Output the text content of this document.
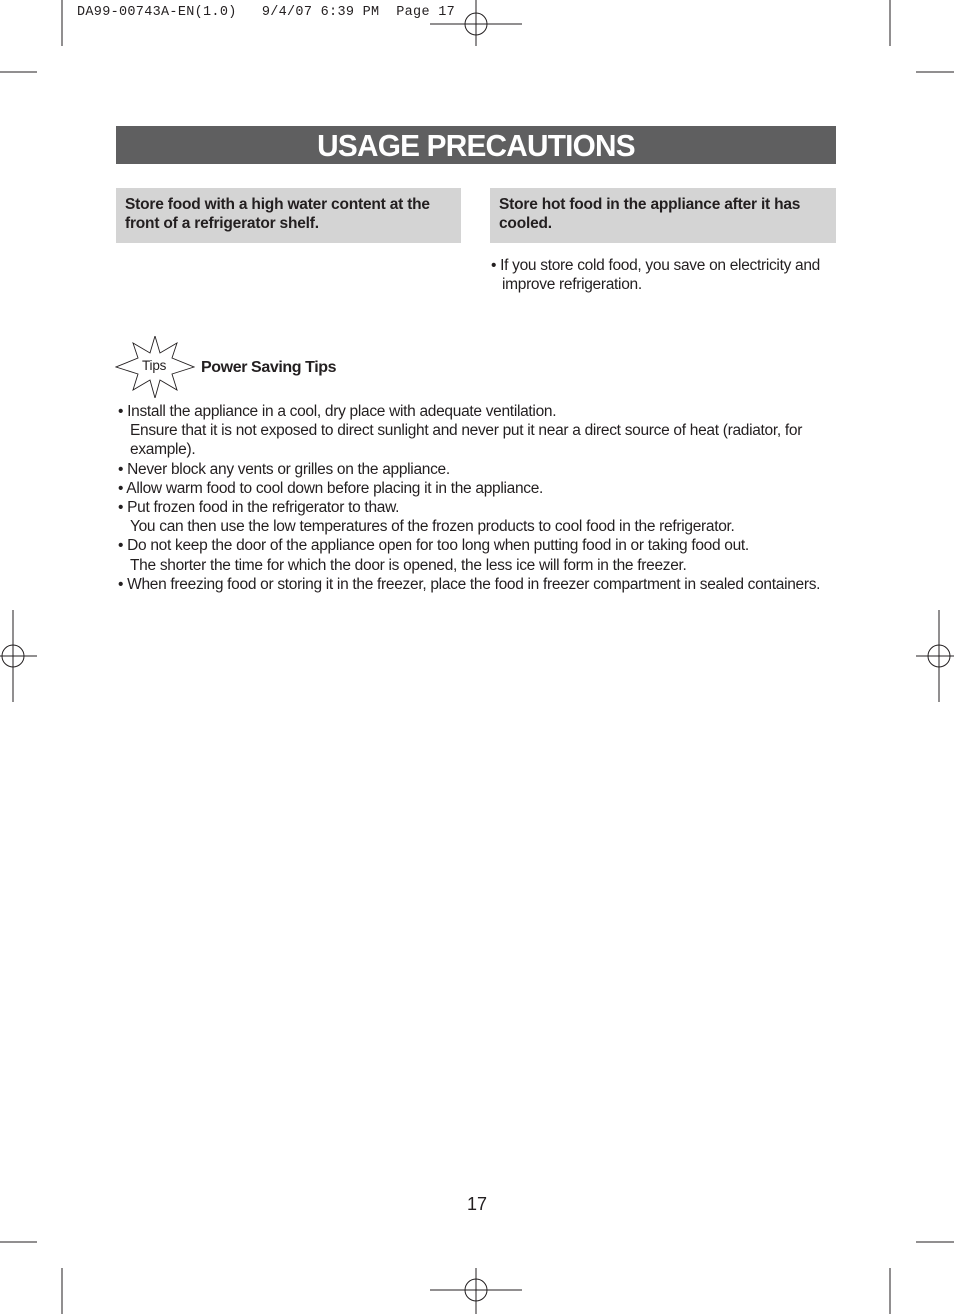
DA99-00743A-EN(1.0)   9/4/07 6:39 PM  Page 17
USAGE PRECAUTIONS
Store food with a high water content at the front of a refrigerator shelf.
Store hot food in the appliance after it has cooled.
• If you store cold food, you save on electricity and improve refrigeration.
Tips Power Saving Tips
• Install the appliance in a cool, dry place with adequate ventilation.
Ensure that it is not exposed to direct sunlight and never put it near a direct source of heat (radiator, for example).
• Never block any vents or grilles on the appliance.
• Allow warm food to cool down before placing it in the appliance.
• Put frozen food in the refrigerator to thaw.
You can then use the low temperatures of the frozen products to cool food in the refrigerator.
• Do not keep the door of the appliance open for too long when putting food in or taking food out.
The shorter the time for which the door is opened, the less ice will form in the freezer.
• When freezing food or storing it in the freezer, place the food in freezer compartment in sealed containers.
17
